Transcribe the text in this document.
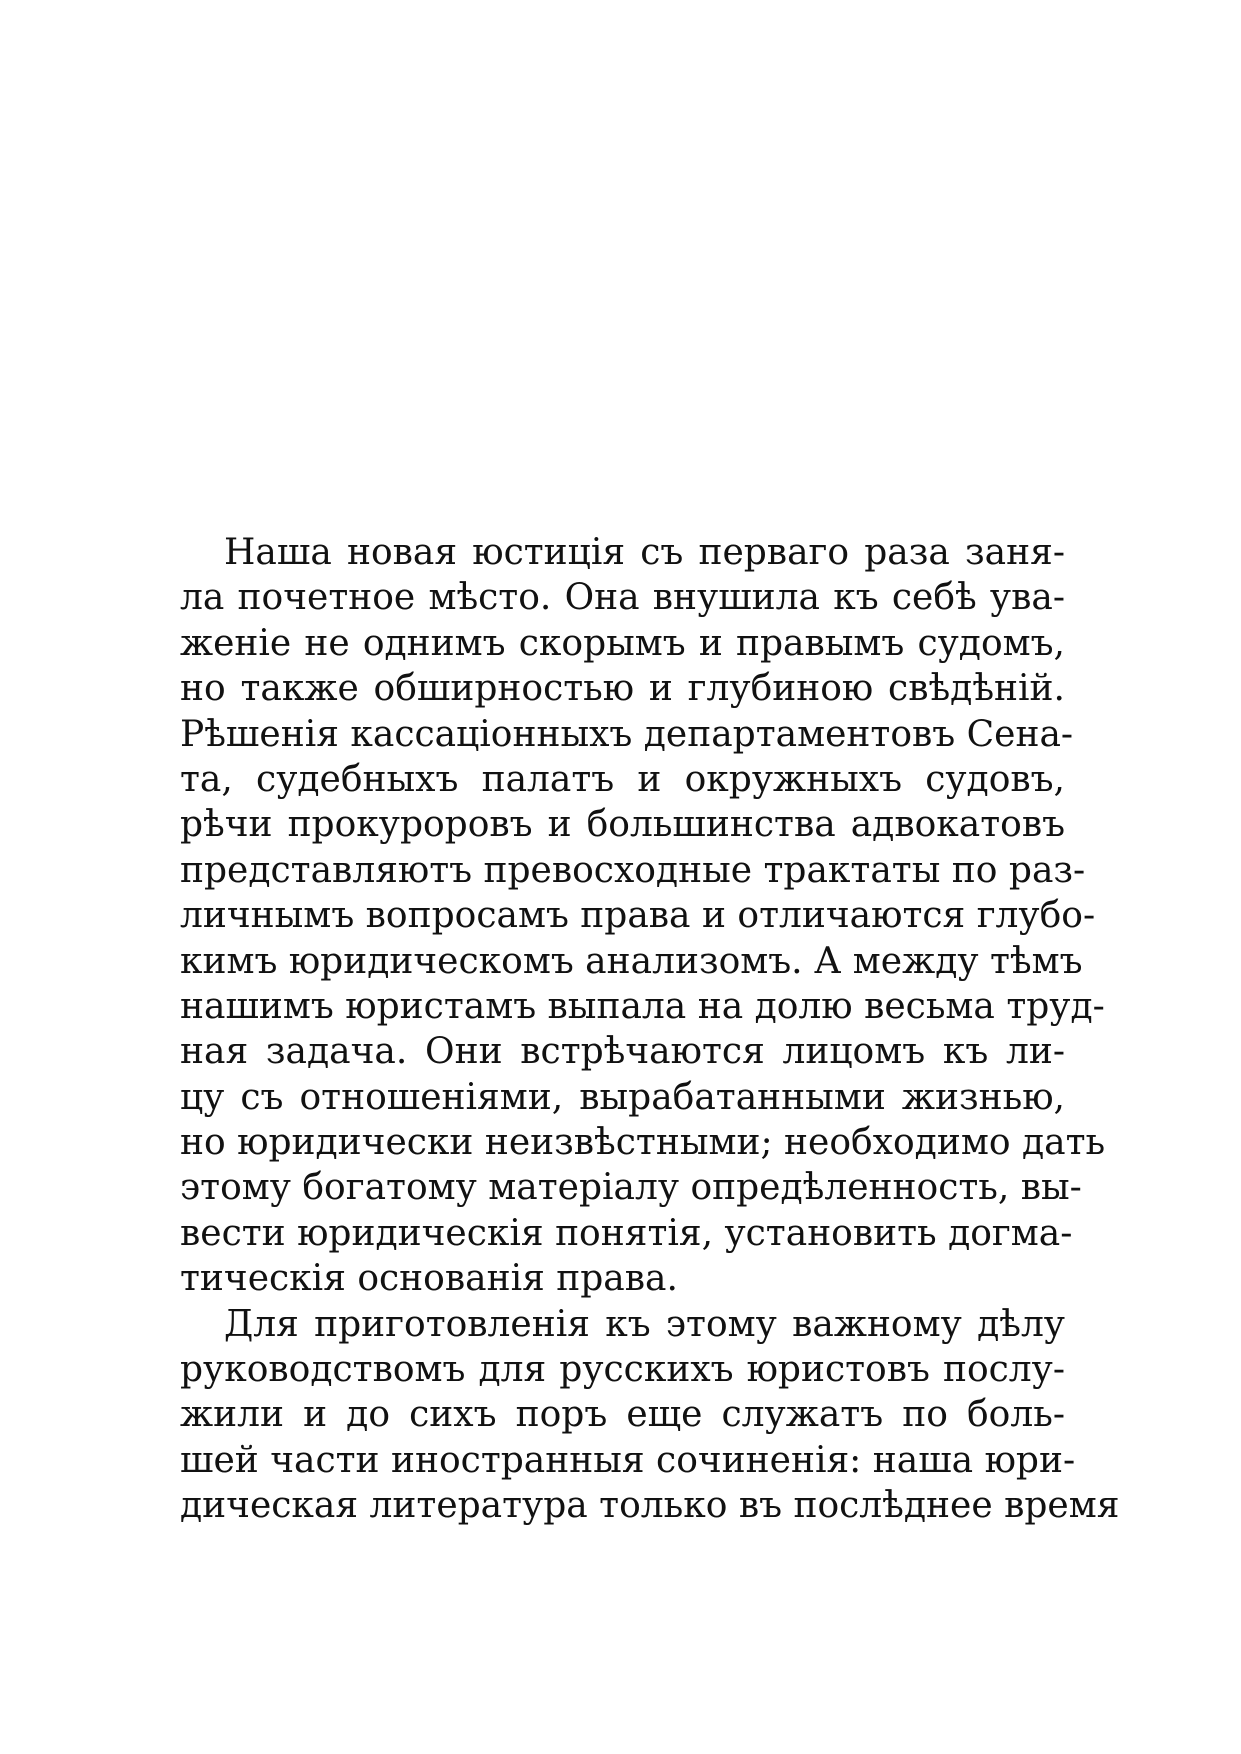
Наша новая юстиція съ перваго раза заня-
ла почетное мѣсто. Она внушила къ себѣ ува-
женіе не однимъ скорымъ и правымъ судомъ,
но также обширностью и глубиною свѣдѣній.
Рѣшенія кассаціонныхъ департаментовъ Сена-
та, судебныхъ палатъ и окружныхъ судовъ,
рѣчи прокуроровъ и большинства адвокатовъ
представляютъ превосходные трактаты по раз-
личнымъ вопросамъ права и отличаются глубо-
кимъ юридическомъ анализомъ. А между тѣмъ
нашимъ юристамъ выпала на долю весьма труд-
ная задача. Они встрѣчаются лицомъ къ ли-
цу съ отношеніями, вырабатанными жизнью,
но юридически неизвѣстными; необходимо дать
этому богатому матеріалу опредѣленность, вы-
вести юридическія понятія, установить догма-
тическія основанія права.
Для приготовленія къ этому важному дѣлу
руководствомъ для русскихъ юристовъ послу-
жили и до сихъ поръ еще служатъ по боль-
шей части иностранныя сочиненія: наша юри-
дическая литература только въ послѣднее время
